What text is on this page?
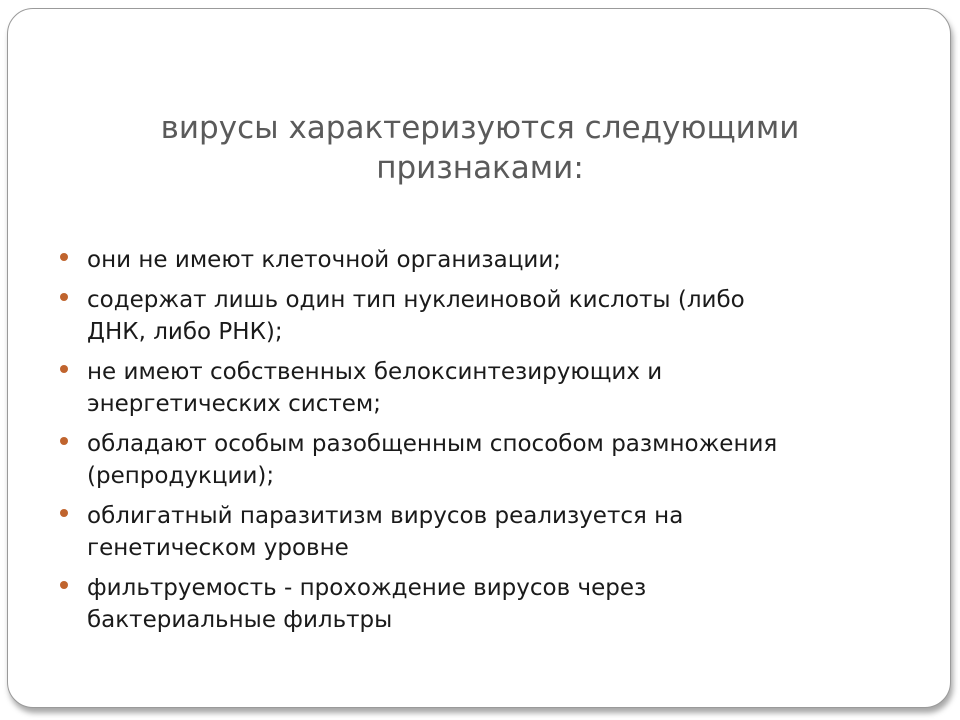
вирусы характеризуются следующими
признаками:
они не имеют клеточной организации;
содержат лишь один тип нуклеиновой кислоты (либо
ДНК, либо РНК);
не имеют собственных белоксинтезирующих и
энергетических систем;
обладают особым разобщенным способом размножения
(репродукции);
облигатный паразитизм вирусов реализуется на
генетическом уровне
фильтруемость - прохождение вирусов через
бактериальные фильтры
